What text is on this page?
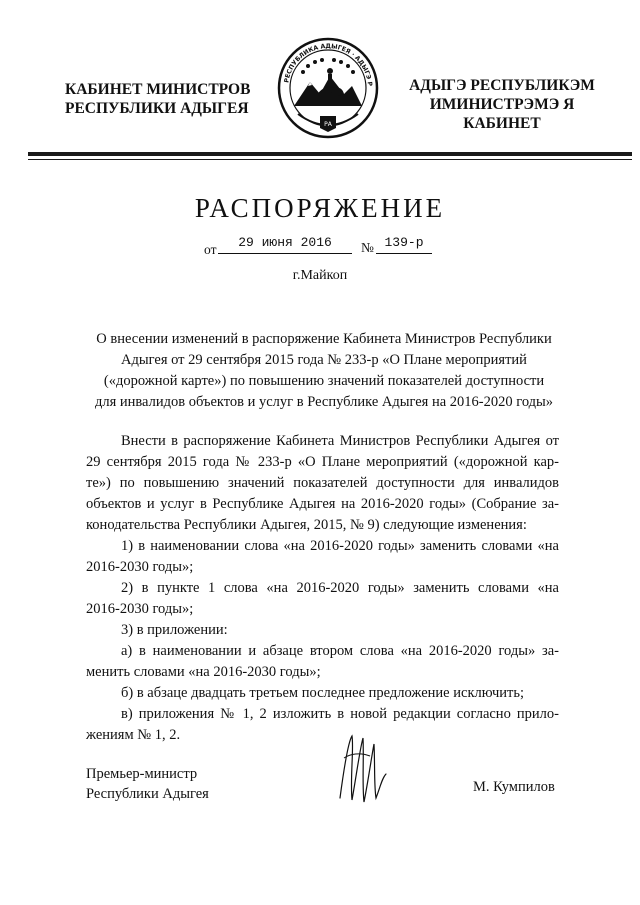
КАБИНЕТ МИНИСТРОВ
РЕСПУБЛИКИ АДЫГЕЯ
РЕСПУБЛИКА АДЫГЕЯ · АДЫГЭ Р
РА
АДЫГЭ РЕСПУБЛИКЭМ
ИМИНИСТРЭМЭ Я КАБИНЕТ
РАСПОРЯЖЕНИЕ
от	29 июня 2016	№ 139-р
г.Майкоп
О внесении изменений в распоряжение Кабинета Министров Республики
Адыгея от 29 сентября 2015 года № 233-р «О Плане мероприятий
(«дорожной карте») по повышению значений показателей доступности
для инвалидов объектов и услуг в Республике Адыгея на 2016-2020 годы»
Внести в распоряжение Кабинета Министров Республики Адыгея от
29 сентября 2015 года № 233-р «О Плане мероприятий («дорожной кар-
те») по повышению значений показателей доступности для инвалидов
объектов и услуг в Республике Адыгея на 2016-2020 годы» (Собрание за-
конодательства Республики Адыгея, 2015, № 9) следующие изменения:
1) в наименовании слова «на 2016-2020 годы» заменить словами «на
2016-2030 годы»;
2) в пункте 1 слова «на 2016-2020 годы» заменить словами «на
2016-2030 годы»;
3) в приложении:
а) в наименовании и абзаце втором слова «на 2016-2020 годы» за-
менить словами «на 2016-2030 годы»;
б) в абзаце двадцать третьем последнее предложение исключить;
в) приложения № 1, 2 изложить в новой редакции согласно прило-
жениям № 1, 2.
Премьер-министр
Республики Адыгея	М. Кумпилов
